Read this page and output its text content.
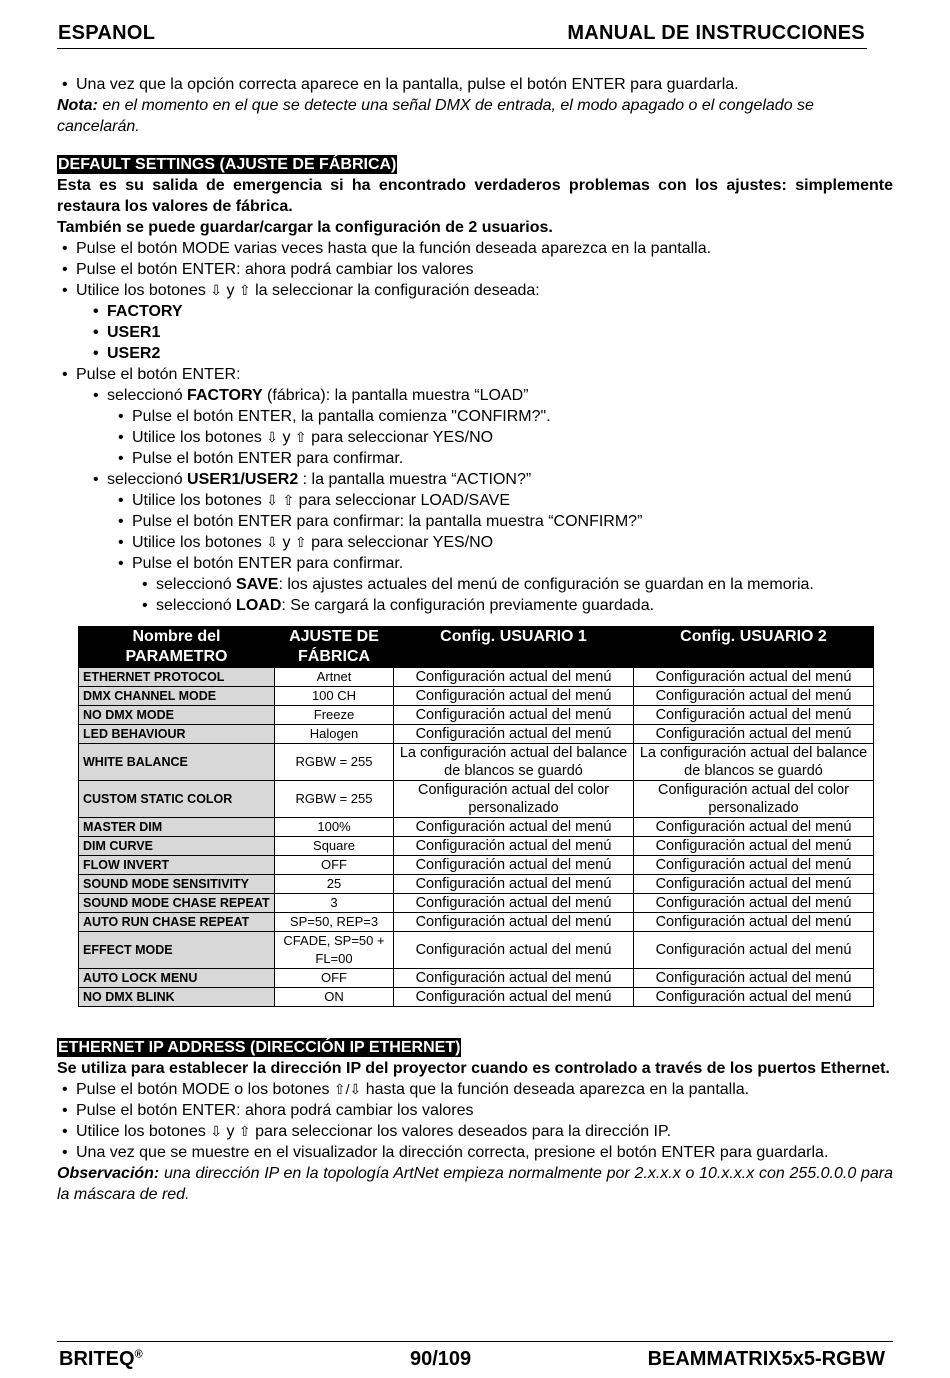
ESPANOL	MANUAL DE INSTRUCCIONES
• Una vez que la opción correcta aparece en la pantalla, pulse el botón ENTER para guardarla.

Nota: en el momento en el que se detecte una señal DMX de entrada, el modo apagado o el congelado se cancelarán.

DEFAULT SETTINGS (AJUSTE DE FÁBRICA)

Esta es su salida de emergencia si ha encontrado verdaderos problemas con los ajustes: simplemente restaura los valores de fábrica.

También se puede guardar/cargar la configuración de 2 usuarios.

• Pulse el botón MODE varias veces hasta que la función deseada aparezca en la pantalla.
• Pulse el botón ENTER: ahora podrá cambiar los valores
• Utilice los botones ⇩ y ⇧ la seleccionar la configuración deseada:
• FACTORY
• USER1
• USER2
• Pulse el botón ENTER:
• seleccionó FACTORY (fábrica): la pantalla muestra “LOAD”
• Pulse el botón ENTER, la pantalla comienza "CONFIRM?".
• Utilice los botones ⇩ y ⇧ para seleccionar YES/NO
• Pulse el botón ENTER para confirmar.
• seleccionó USER1/USER2 : la pantalla muestra “ACTION?”
• Utilice los botones ⇩ ⇧ para seleccionar LOAD/SAVE
• Pulse el botón ENTER para confirmar: la pantalla muestra “CONFIRM?”
• Utilice los botones ⇩ y ⇧ para seleccionar YES/NO
• Pulse el botón ENTER para confirmar.
• seleccionó SAVE: los ajustes actuales del menú de configuración se guardan en la memoria.
• seleccionó LOAD: Se cargará la configuración previamente guardada.
Nombre del PARAMETRO	AJUSTE DE FÁBRICA	Config. USUARIO 1	Config. USUARIO 2
ETHERNET PROTOCOL	Artnet	Configuración actual del menú	Configuración actual del menú
DMX CHANNEL MODE	100 CH	Configuración actual del menú	Configuración actual del menú
NO DMX MODE	Freeze	Configuración actual del menú	Configuración actual del menú
LED BEHAVIOUR	Halogen	Configuración actual del menú	Configuración actual del menú
WHITE BALANCE	RGBW = 255	La configuración actual del balance de blancos se guardó	La configuración actual del balance de blancos se guardó
CUSTOM STATIC COLOR	RGBW = 255	Configuración actual del color personalizado	Configuración actual del color personalizado
MASTER DIM	100%	Configuración actual del menú	Configuración actual del menú
DIM CURVE	Square	Configuración actual del menú	Configuración actual del menú
FLOW INVERT	OFF	Configuración actual del menú	Configuración actual del menú
SOUND MODE SENSITIVITY	25	Configuración actual del menú	Configuración actual del menú
SOUND MODE CHASE REPEAT	3	Configuración actual del menú	Configuración actual del menú
AUTO RUN CHASE REPEAT	SP=50, REP=3	Configuración actual del menú	Configuración actual del menú
EFFECT MODE	CFADE, SP=50 + FL=00	Configuración actual del menú	Configuración actual del menú
AUTO LOCK MENU	OFF	Configuración actual del menú	Configuración actual del menú
NO DMX BLINK	ON	Configuración actual del menú	Configuración actual del menú

ETHERNET IP ADDRESS (DIRECCIÓN IP ETHERNET)

Se utiliza para establecer la dirección IP del proyector cuando es controlado a través de los puertos Ethernet.

• Pulse el botón MODE o los botones ⇧/⇩ hasta que la función deseada aparezca en la pantalla.
• Pulse el botón ENTER: ahora podrá cambiar los valores
• Utilice los botones ⇩ y ⇧ para seleccionar los valores deseados para la dirección IP.
• Una vez que se muestre en el visualizador la dirección correcta, presione el botón ENTER para guardarla.

Observación: una dirección IP en la topología ArtNet empieza normalmente por 2.x.x.x o 10.x.x.x con 255.0.0.0 para la máscara de red.

BRITEQ®	90/109	BEAMMATRIX5x5-RGBW
